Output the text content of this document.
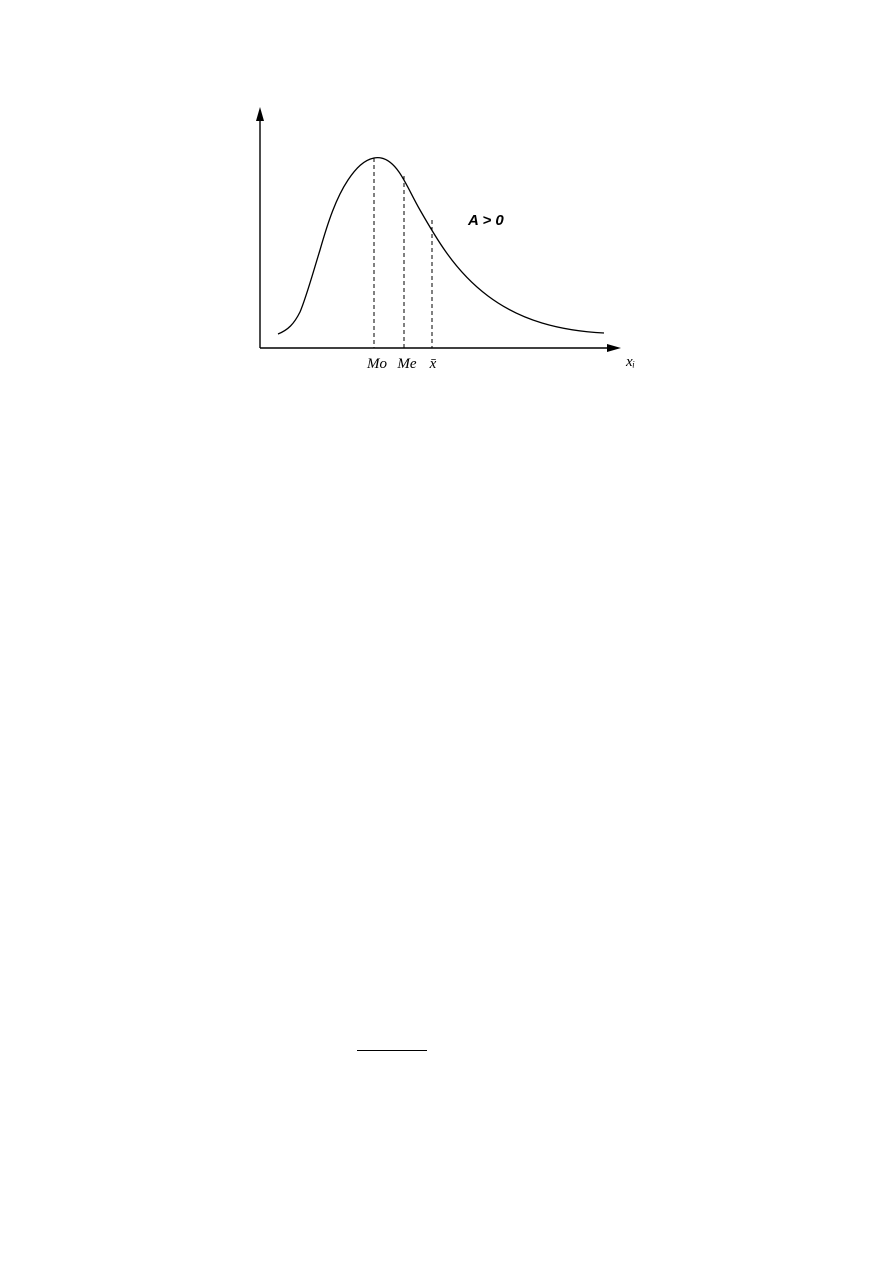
Mo Me x̄	xᵢ
A > 0
